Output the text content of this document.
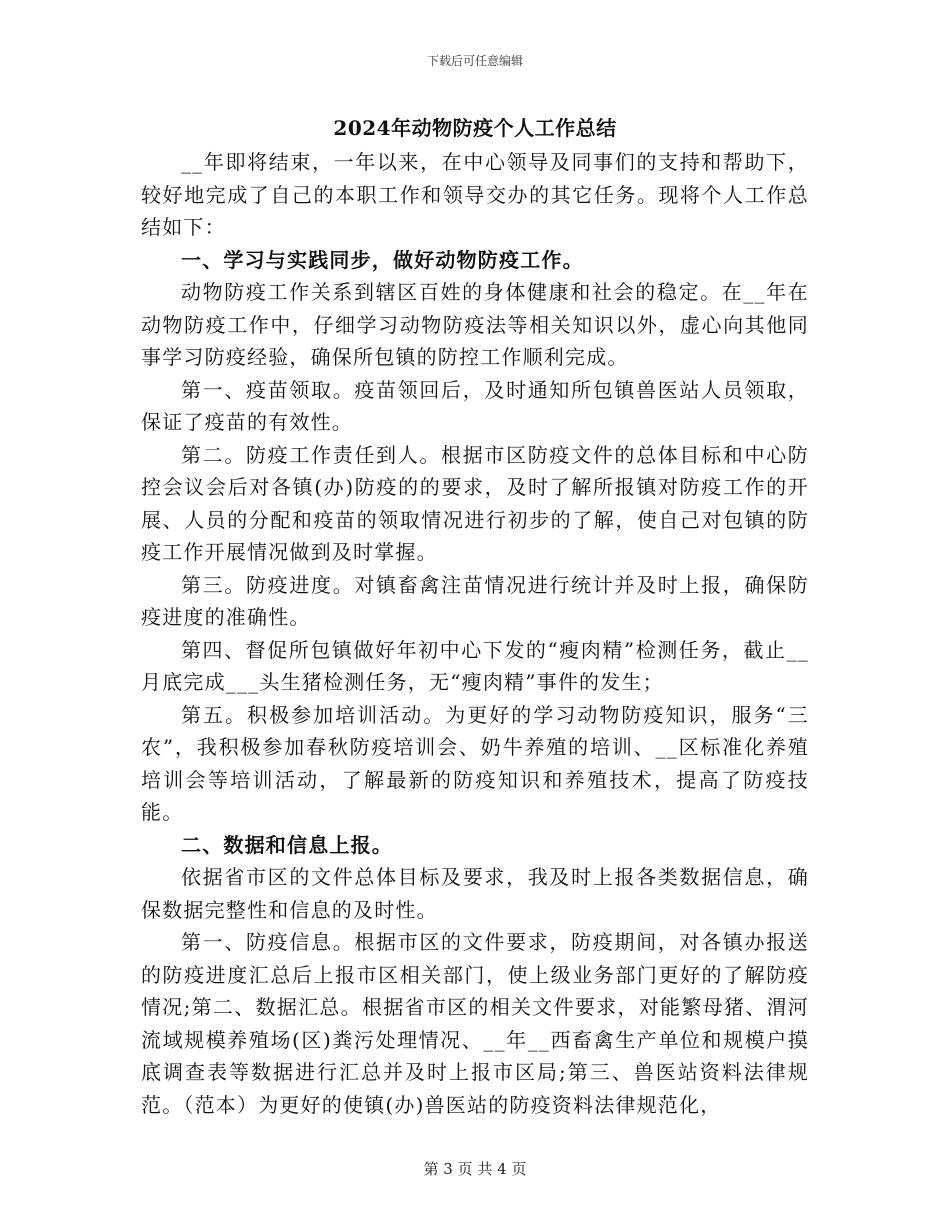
下载后可任意编辑
2024年动物防疫个人工作总结

__年即将结束，一年以来，在中心领导及同事们的支持和帮助下，较好地完成了自己的本职工作和领导交办的其它任务。现将个人工作总结如下：

一、学习与实践同步，做好动物防疫工作。

动物防疫工作关系到辖区百姓的身体健康和社会的稳定。在__年在动物防疫工作中，仔细学习动物防疫法等相关知识以外，虚心向其他同事学习防疫经验，确保所包镇的防控工作顺利完成。

第一、疫苗领取。疫苗领回后，及时通知所包镇兽医站人员领取，保证了疫苗的有效性。

第二。防疫工作责任到人。根据市区防疫文件的总体目标和中心防控会议会后对各镇(办)防疫的的要求，及时了解所报镇对防疫工作的开展、人员的分配和疫苗的领取情况进行初步的了解，使自己对包镇的防疫工作开展情况做到及时掌握。

第三。防疫进度。对镇畜禽注苗情况进行统计并及时上报，确保防疫进度的准确性。

第四、督促所包镇做好年初中心下发的“瘦肉精”检测任务，截止__月底完成___头生猪检测任务，无“瘦肉精”事件的发生；

第五。积极参加培训活动。为更好的学习动物防疫知识，服务“三农”，我积极参加春秋防疫培训会、奶牛养殖的培训、__区标准化养殖培训会等培训活动，了解最新的防疫知识和养殖技术，提高了防疫技能。

二、数据和信息上报。

依据省市区的文件总体目标及要求，我及时上报各类数据信息，确保数据完整性和信息的及时性。

第一、防疫信息。根据市区的文件要求，防疫期间，对各镇办报送的防疫进度汇总后上报市区相关部门，使上级业务部门更好的了解防疫情况;第二、数据汇总。根据省市区的相关文件要求，对能繁母猪、渭河流域规模养殖场(区)粪污处理情况、__年__西畜禽生产单位和规模户摸底调查表等数据进行汇总并及时上报市区局;第三、兽医站资料法律规范。（范本）为更好的使镇(办)兽医站的防疫资料法律规范化，

第 3 页 共 4 页
